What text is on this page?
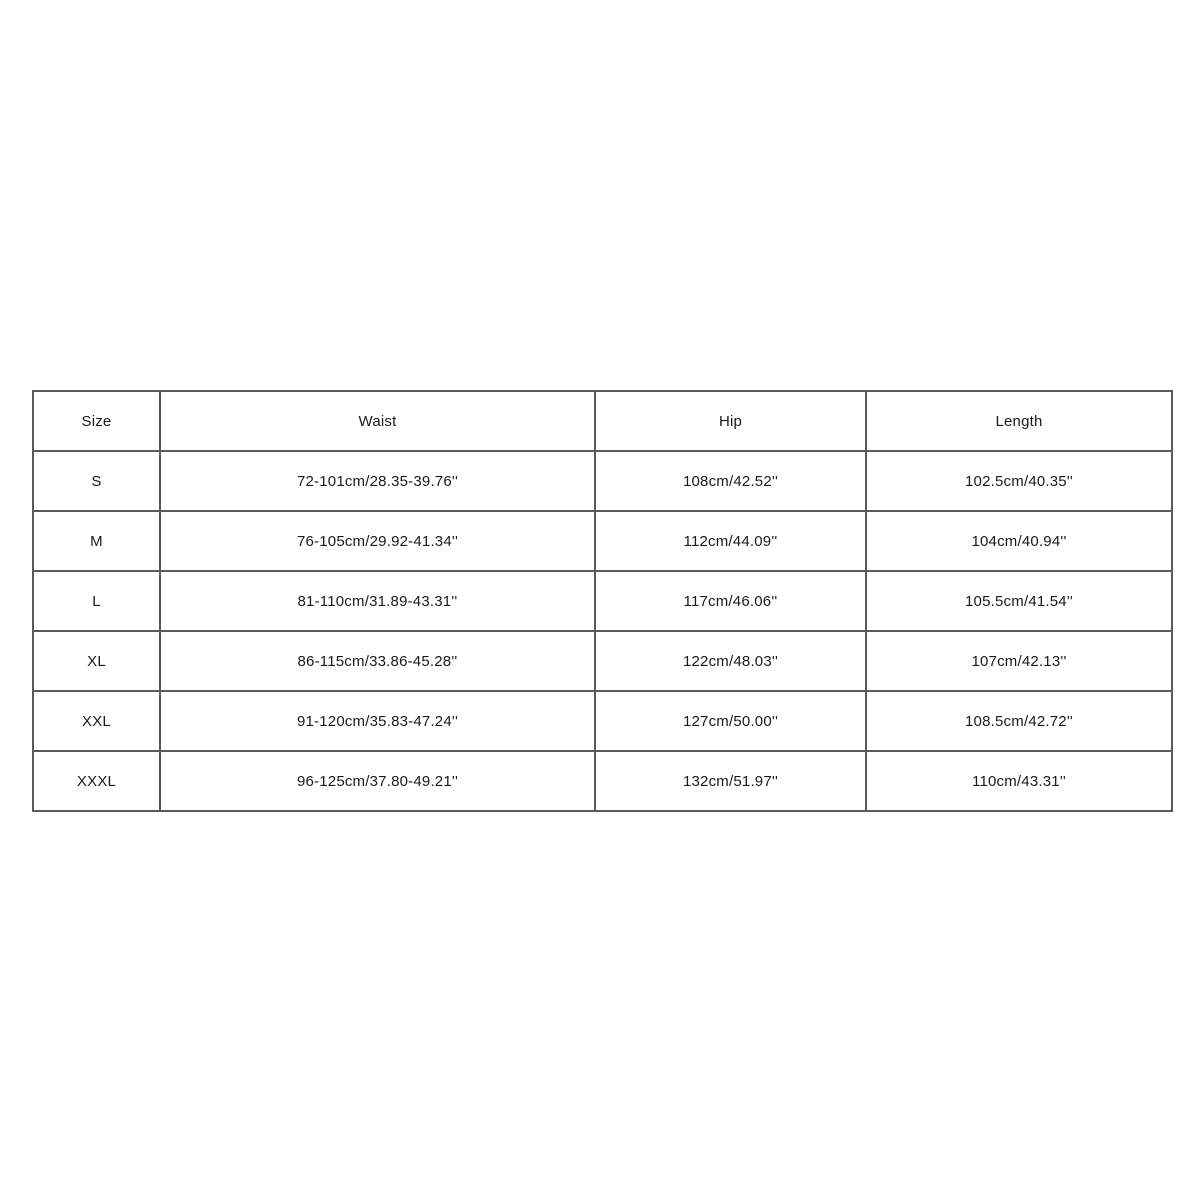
Size	Waist	Hip	Length
S	72-101cm/28.35-39.76''	108cm/42.52''	102.5cm/40.35''
M	76-105cm/29.92-41.34''	112cm/44.09''	104cm/40.94''
L	81-110cm/31.89-43.31''	117cm/46.06''	105.5cm/41.54''
XL	86-115cm/33.86-45.28''	122cm/48.03''	107cm/42.13''
XXL	91-120cm/35.83-47.24''	127cm/50.00''	108.5cm/42.72''
XXXL	96-125cm/37.80-49.21''	132cm/51.97''	110cm/43.31''
